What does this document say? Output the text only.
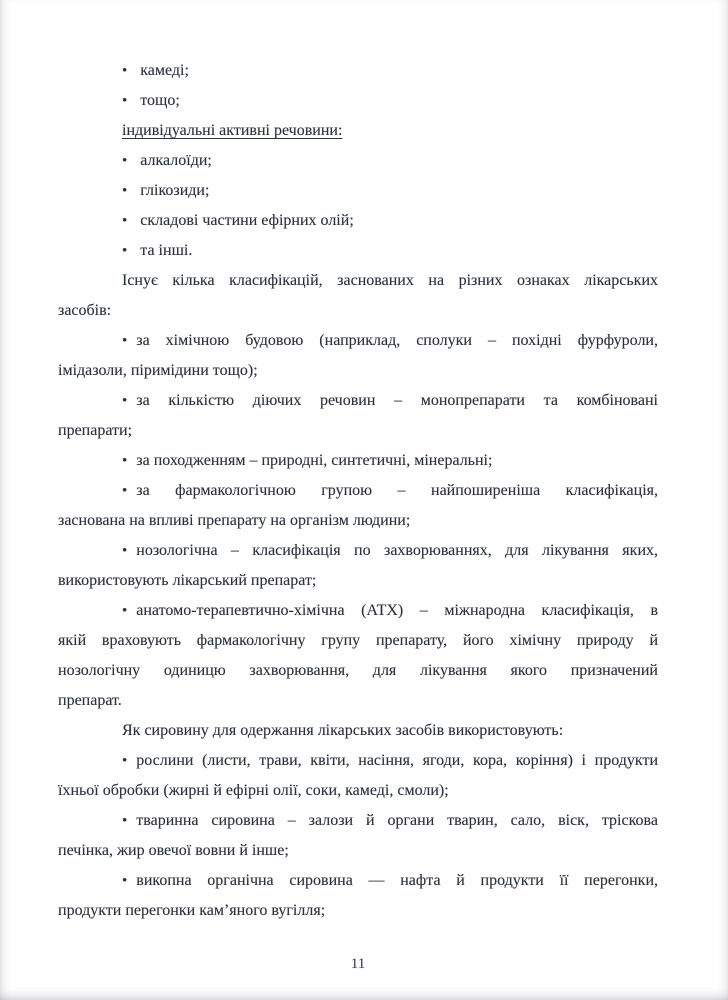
• камеді;
• тощо;
індивідуальні активні речовини:
• алкалоїди;
• глікозиди;
• складові частини ефірних олій;
• та інші.
Існує кілька класифікацій, заснованих на різних ознаках лікарських
засобів:
• за хімічною будовою (наприклад, сполуки – похідні фурфуроли,
імідазоли, піримідини тощо);
• за кількістю діючих речовин – монопрепарати та комбіновані
препарати;
• за походженням – природні, синтетичні, мінеральні;
• за фармакологічною групою – найпоширеніша класифікація,
заснована на впливі препарату на організм людини;
• нозологічна – класифікація по захворюваннях, для лікування яких,
використовують лікарський препарат;
• анатомо-терапевтично-хімічна (АТХ) – міжнародна класифікація, в
якій враховують фармакологічну групу препарату, його хімічну природу й
нозологічну одиницю захворювання, для лікування якого призначений
препарат.
Як сировину для одержання лікарських засобів використовують:
• рослини (листи, трави, квіти, насіння, ягоди, кора, коріння) і продукти
їхньої обробки (жирні й ефірні олії, соки, камеді, смоли);
• тваринна сировина – залози й органи тварин, сало, віск, тріскова
печінка, жир овечої вовни й інше;
• викопна органічна сировина — нафта й продукти її перегонки,
продукти перегонки кам’яного вугілля;
11
